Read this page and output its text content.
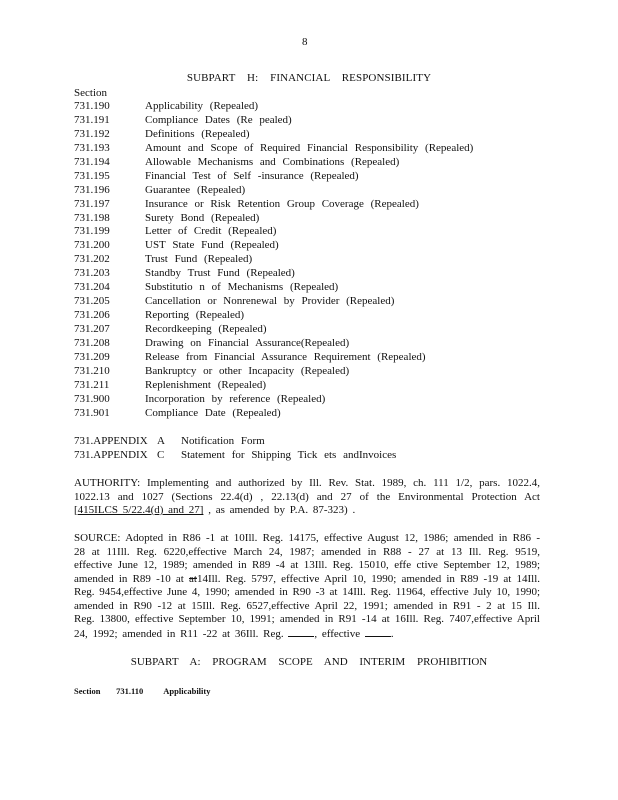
8
SUBPART H: FINANCIAL RESPONSIBILITY
Section
731.190	Applicability (Repealed)
731.191	Compliance Dates (Re pealed)
731.192	Definitions (Repealed)
731.193	Amount and Scope of Required Financial Responsibility (Repealed)
731.194	Allowable Mechanisms and Combinations (Repealed)
731.195	Financial Test of Self -insurance (Repealed)
731.196	Guarantee (Repealed)
731.197	Insurance or Risk Retention Group Coverage (Repealed)
731.198	Surety Bond (Repealed)
731.199	Letter of Credit (Repealed)
731.200	UST State Fund (Repealed)
731.202	Trust Fund (Repealed)
731.203	Standby Trust Fund (Repealed)
731.204	Substitutio n of Mechanisms (Repealed)
731.205	Cancellation or Nonrenewal by Provider (Repealed)
731.206	Reporting (Repealed)
731.207	Recordkeeping (Repealed)
731.208	Drawing on Financial Assurance(Repealed)
731.209	Release from Financial Assurance Requirement (Repealed)
731.210	Bankruptcy or other Incapacity (Repealed)
731.211	Replenishment (Repealed)
731.900	Incorporation by reference (Repealed)
731.901	Compliance Date (Repealed)
731.APPENDIX A	Notification Form
731.APPENDIX C	Statement for Shipping Tick ets andInvoices
AUTHORITY: Implementing and authorized by Ill. Rev. Stat. 1989, ch. 111 1/2, pars. 1022.4, 1022.13 and 1027 (Sections 22.4(d) , 22.13(d) and 27 of the Environmental Protection Act [415ILCS 5/22.4(d) and 27] , as amended by P.A. 87-323) .
SOURCE: Adopted in R86 -1 at 10Ill. Reg. 14175, effective August 12, 1986; amended in R86 - 28 at 11Ill. Reg. 6220,effective March 24, 1987; amended in R88 - 27 at 13 Ill. Reg. 9519, effective June 12, 1989; amended in R89 -4 at 13Ill. Reg. 15010, effe ctive September 12, 1989; amended in R89 -10 at at14Ill. Reg. 5797, effective April 10, 1990; amended in R89 -19 at 14Ill. Reg. 9454,effective June 4, 1990; amended in R90 -3 at 14Ill. Reg. 11964, effective July 10, 1990; amended in R90 -12 at 15Ill. Reg. 6527,effective April 22, 1991; amended in R91 - 2 at 15 Ill. Reg. 13800, effective September 10, 1991; amended in R91 -14 at 16Ill. Reg. 7407,effective April 24, 1992; amended in R11 -22 at 36Ill. Reg.	, effective	.
SUBPART A: PROGRAM SCOPE AND INTERIM PROHIBITION
Section 731.110 Applicability
